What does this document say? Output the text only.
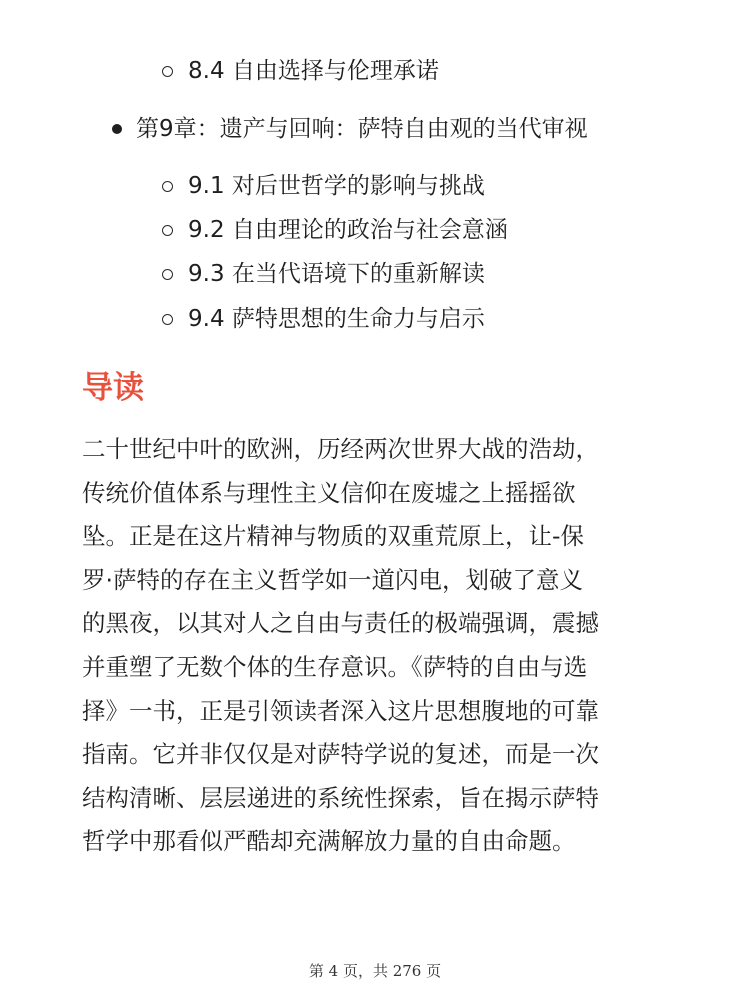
8.4 自由选择与伦理承诺
第9章：遗产与回响：萨特自由观的当代审视
9.1 对后世哲学的影响与挑战
9.2 自由理论的政治与社会意涵
9.3 在当代语境下的重新解读
9.4 萨特思想的生命力与启示
导读
二十世纪中叶的欧洲，历经两次世界大战的浩劫，
传统价值体系与理性主义信仰在废墟之上摇摇欲
坠。正是在这片精神与物质的双重荒原上，让-保
罗·萨特的存在主义哲学如一道闪电，划破了意义
的黑夜，以其对人之自由与责任的极端强调，震撼
并重塑了无数个体的生存意识。《萨特的自由与选
择》一书，正是引领读者深入这片思想腹地的可靠
指南。它并非仅仅是对萨特学说的复述，而是一次
结构清晰、层层递进的系统性探索，旨在揭示萨特
哲学中那看似严酷却充满解放力量的自由命题。
第 4 页，共 276 页
